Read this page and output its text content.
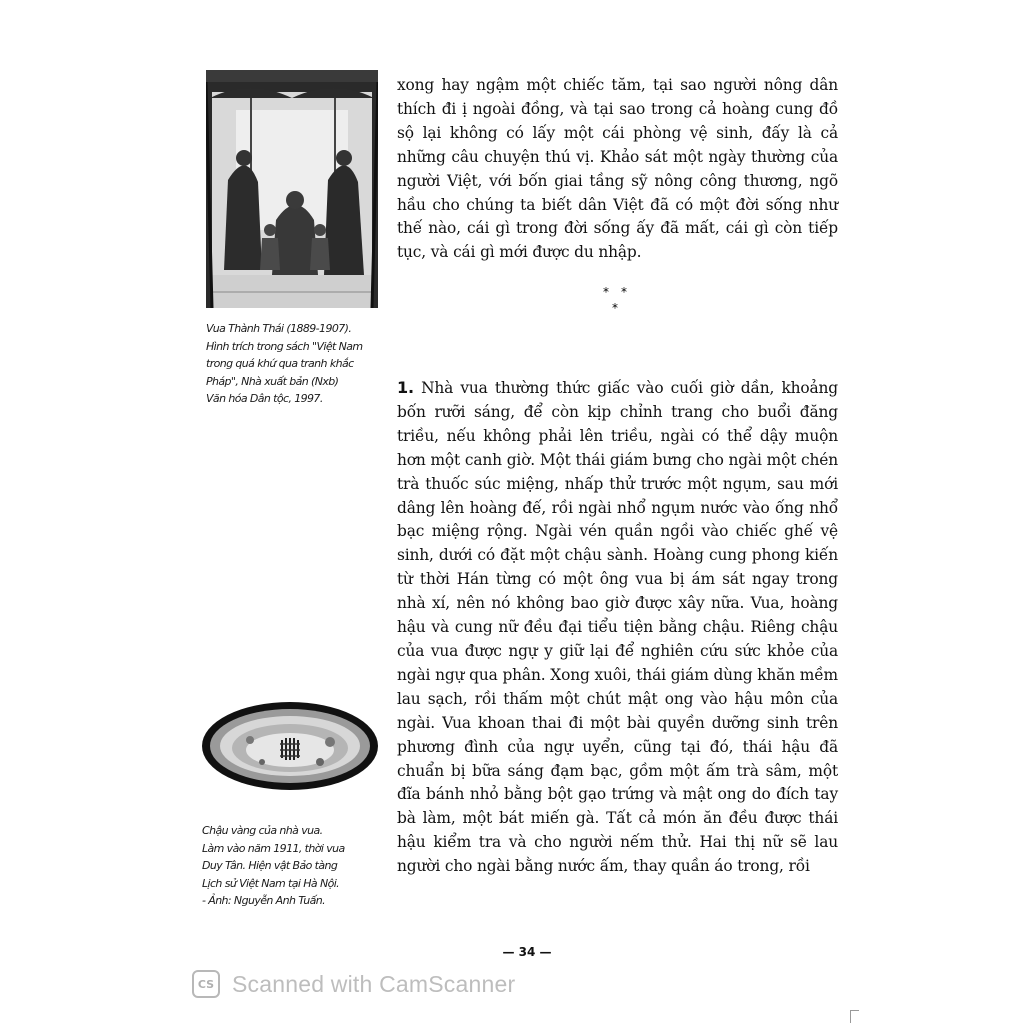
Vua Thành Thái (1889-1907).
Hình trích trong sách "Việt Nam
trong quá khứ qua tranh khắc
Pháp", Nhà xuất bản (Nxb)
Văn hóa Dân tộc, 1997.
Chậu vàng của nhà vua.
Làm vào năm 1911, thời vua
Duy Tân. Hiện vật Bảo tàng
Lịch sử Việt Nam tại Hà Nội.
- Ảnh: Nguyễn Anh Tuấn.

xong hay ngậm một chiếc tăm, tại sao người nông dân thích đi ị ngoài đồng, và tại sao trong cả hoàng cung đồ sộ lại không có lấy một cái phòng vệ sinh, đấy là cả những câu chuyện thú vị. Khảo sát một ngày thường của người Việt, với bốn giai tầng sỹ nông công thương, ngõ hầu cho chúng ta biết dân Việt đã có một đời sống như thế nào, cái gì trong đời sống ấy đã mất, cái gì còn tiếp tục, và cái gì mới được du nhập.

* *
*

1. Nhà vua thường thức giấc vào cuối giờ dần, khoảng bốn rưỡi sáng, để còn kịp chỉnh trang cho buổi đăng triều, nếu không phải lên triều, ngài có thể dậy muộn hơn một canh giờ. Một thái giám bưng cho ngài một chén trà thuốc súc miệng, nhấp thử trước một ngụm, sau mới dâng lên hoàng đế, rồi ngài nhổ ngụm nước vào ống nhổ bạc miệng rộng. Ngài vén quần ngồi vào chiếc ghế vệ sinh, dưới có đặt một chậu sành. Hoàng cung phong kiến từ thời Hán từng có một ông vua bị ám sát ngay trong nhà xí, nên nó không bao giờ được xây nữa. Vua, hoàng hậu và cung nữ đều đại tiểu tiện bằng chậu. Riêng chậu của vua được ngự y giữ lại để nghiên cứu sức khỏe của ngài ngự qua phân. Xong xuôi, thái giám dùng khăn mềm lau sạch, rồi thấm một chút mật ong vào hậu môn của ngài. Vua khoan thai đi một bài quyền dưỡng sinh trên phương đình của ngự uyển, cũng tại đó, thái hậu đã chuẩn bị bữa sáng đạm bạc, gồm một ấm trà sâm, một đĩa bánh nhỏ bằng bột gạo trứng và mật ong do đích tay bà làm, một bát miến gà. Tất cả món ăn đều được thái hậu kiểm tra và cho người nếm thử. Hai thị nữ sẽ lau người cho ngài bằng nước ấm, thay quần áo trong, rồi

— 34 —
CS Scanned with CamScanner
